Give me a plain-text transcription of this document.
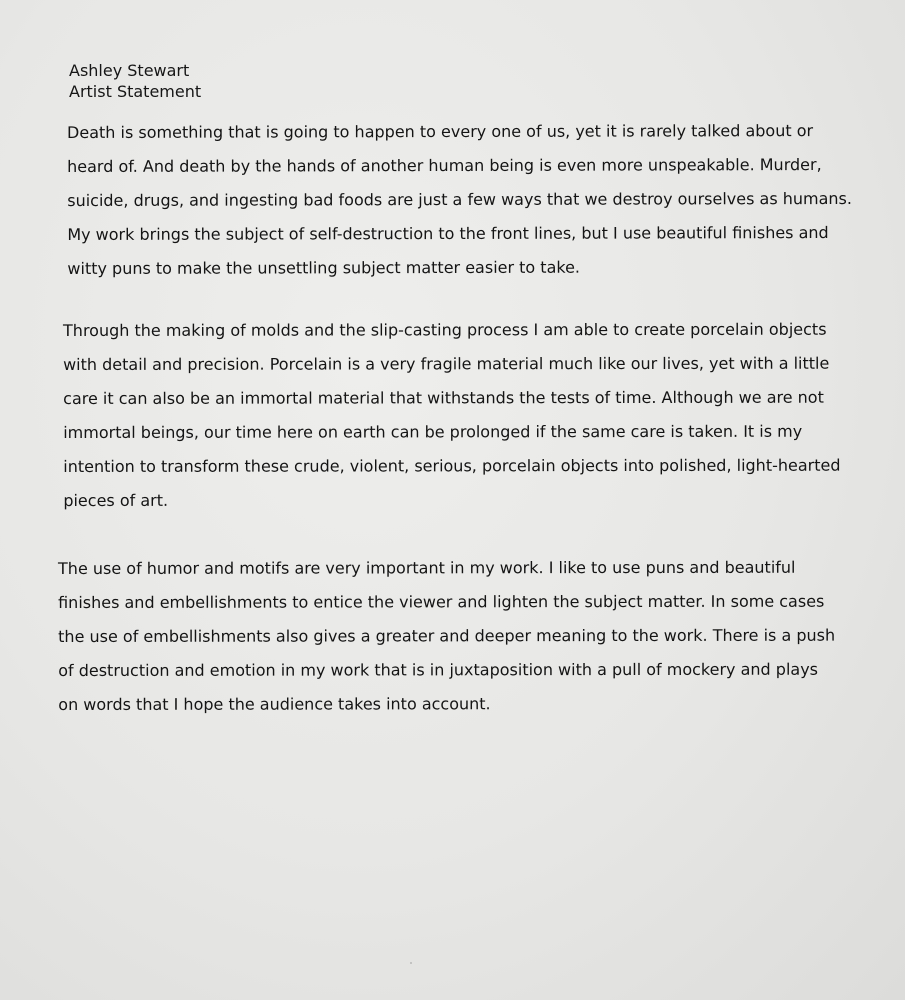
Ashley Stewart
Artist Statement

Death is something that is going to happen to every one of us, yet it is rarely talked about or
heard of. And death by the hands of another human being is even more unspeakable. Murder,
suicide, drugs, and ingesting bad foods are just a few ways that we destroy ourselves as humans.
My work brings the subject of self-destruction to the front lines, but I use beautiful finishes and
witty puns to make the unsettling subject matter easier to take.

Through the making of molds and the slip-casting process I am able to create porcelain objects
with detail and precision. Porcelain is a very fragile material much like our lives, yet with a little
care it can also be an immortal material that withstands the tests of time. Although we are not
immortal beings, our time here on earth can be prolonged if the same care is taken. It is my
intention to transform these crude, violent, serious, porcelain objects into polished, light-hearted
pieces of art.

The use of humor and motifs are very important in my work. I like to use puns and beautiful
finishes and embellishments to entice the viewer and lighten the subject matter. In some cases
the use of embellishments also gives a greater and deeper meaning to the work. There is a push
of destruction and emotion in my work that is in juxtaposition with a pull of mockery and plays
on words that I hope the audience takes into account.
